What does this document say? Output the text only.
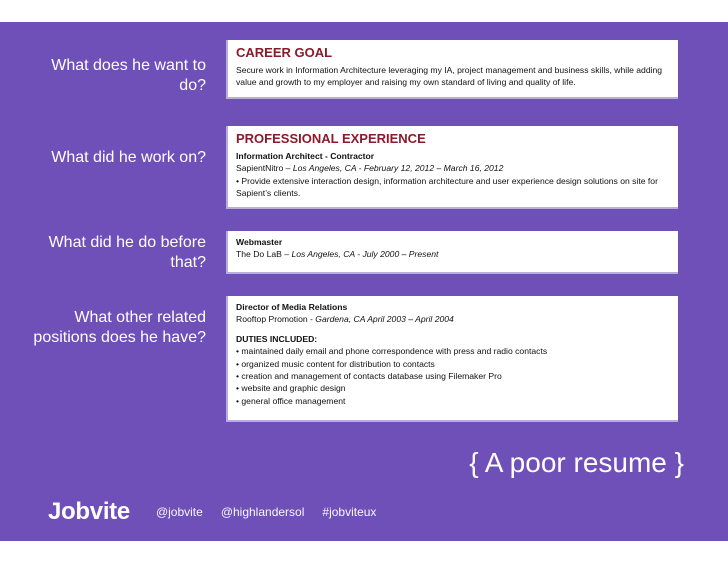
What does he want to do?
What did he work on?
What did he do before that?
What other related positions does he have?
CAREER GOAL
Secure work in Information Architecture leveraging my IA, project management and business skills, while adding value and growth to my employer and raising my own standard of living and quality of life.
PROFESSIONAL EXPERIENCE
Information Architect - Contractor
SapientNitro – Los Angeles, CA - February 12, 2012 – March 16, 2012
• Provide extensive interaction design, information architecture and user experience design solutions on site for Sapient’s clients.
Webmaster
The Do LaB – Los Angeles, CA - July 2000 – Present
Director of Media Relations
Rooftop Promotion - Gardena, CA April 2003 – April 2004
DUTIES INCLUDED:
• maintained daily email and phone correspondence with press and radio contacts
• organized music content for distribution to contacts
• creation and management of contacts database using Filemaker Pro
• website and graphic design
• general office management
{ A poor resume }
Jobvite @jobvite @highlandersol #jobviteux
